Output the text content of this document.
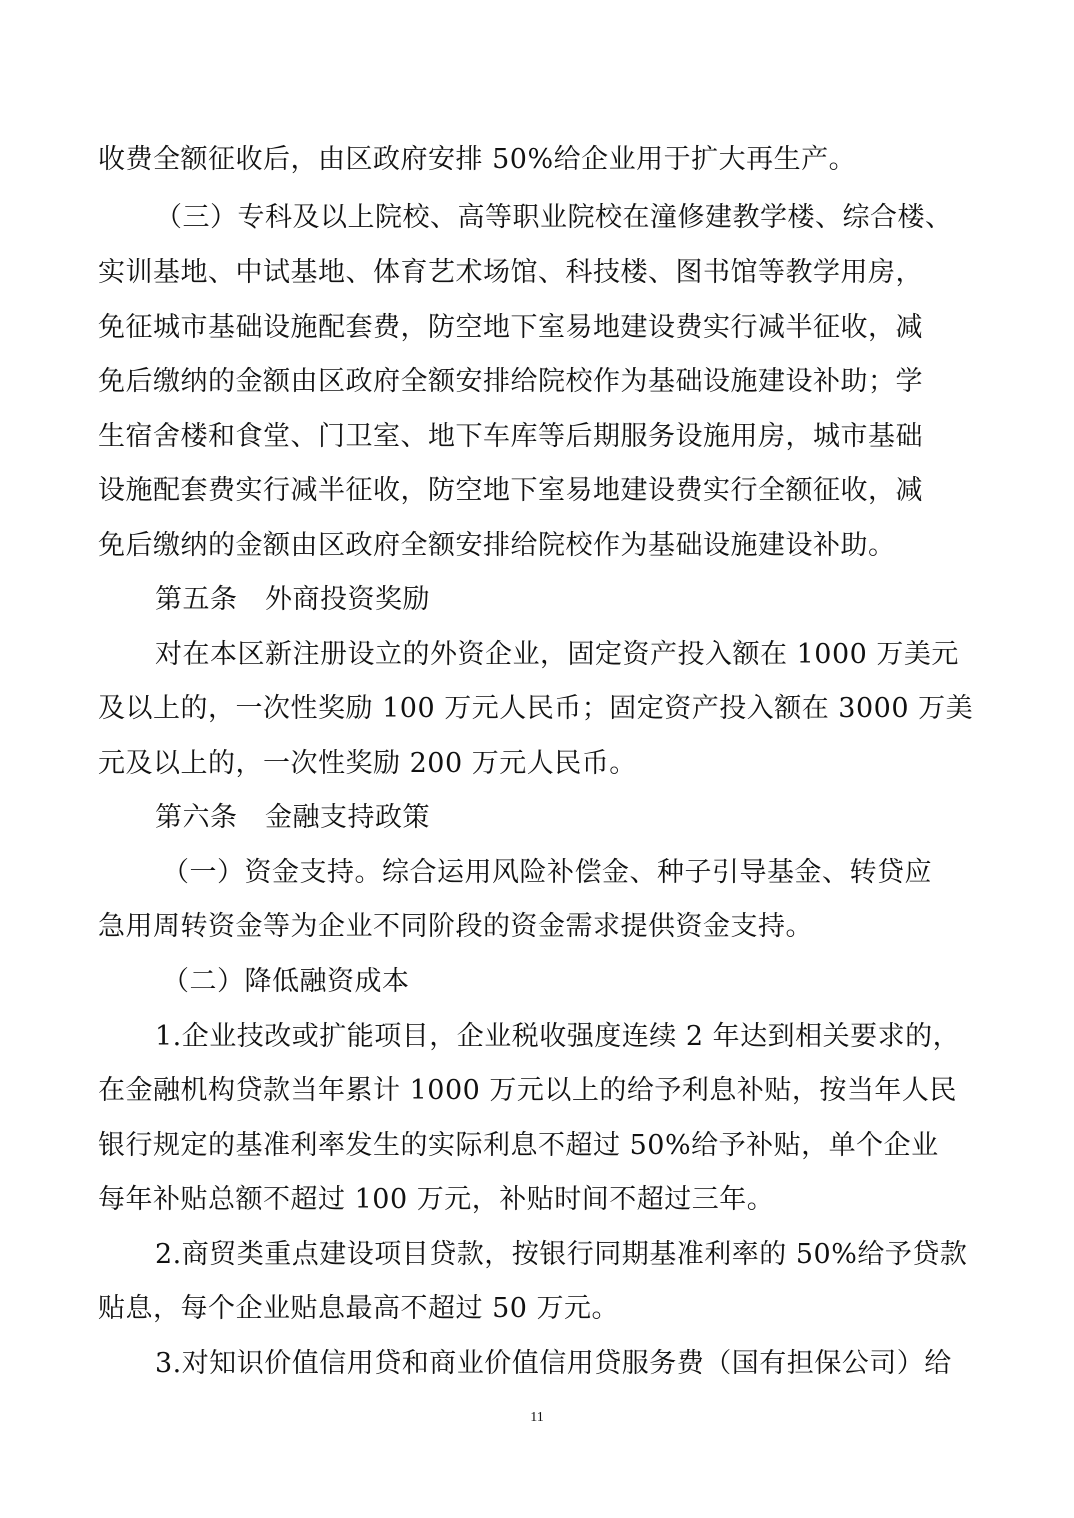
收费全额征收后，由区政府安排 50%给企业用于扩大再生产。
（三）专科及以上院校、高等职业院校在潼修建教学楼、综合楼、
实训基地、中试基地、体育艺术场馆、科技楼、图书馆等教学用房，
免征城市基础设施配套费，防空地下室易地建设费实行减半征收，减
免后缴纳的金额由区政府全额安排给院校作为基础设施建设补助；学
生宿舍楼和食堂、门卫室、地下车库等后期服务设施用房，城市基础
设施配套费实行减半征收，防空地下室易地建设费实行全额征收，减
免后缴纳的金额由区政府全额安排给院校作为基础设施建设补助。
第五条　外商投资奖励
对在本区新注册设立的外资企业，固定资产投入额在 1000 万美元
及以上的，一次性奖励 100 万元人民币；固定资产投入额在 3000 万美
元及以上的，一次性奖励 200 万元人民币。
第六条　金融支持政策
（一）资金支持。综合运用风险补偿金、种子引导基金、转贷应
急用周转资金等为企业不同阶段的资金需求提供资金支持。
（二）降低融资成本
1.企业技改或扩能项目，企业税收强度连续 2 年达到相关要求的，
在金融机构贷款当年累计 1000 万元以上的给予利息补贴，按当年人民
银行规定的基准利率发生的实际利息不超过 50%给予补贴，单个企业
每年补贴总额不超过 100 万元，补贴时间不超过三年。
2.商贸类重点建设项目贷款，按银行同期基准利率的 50%给予贷款
贴息，每个企业贴息最高不超过 50 万元。
3.对知识价值信用贷和商业价值信用贷服务费（国有担保公司）给
11
